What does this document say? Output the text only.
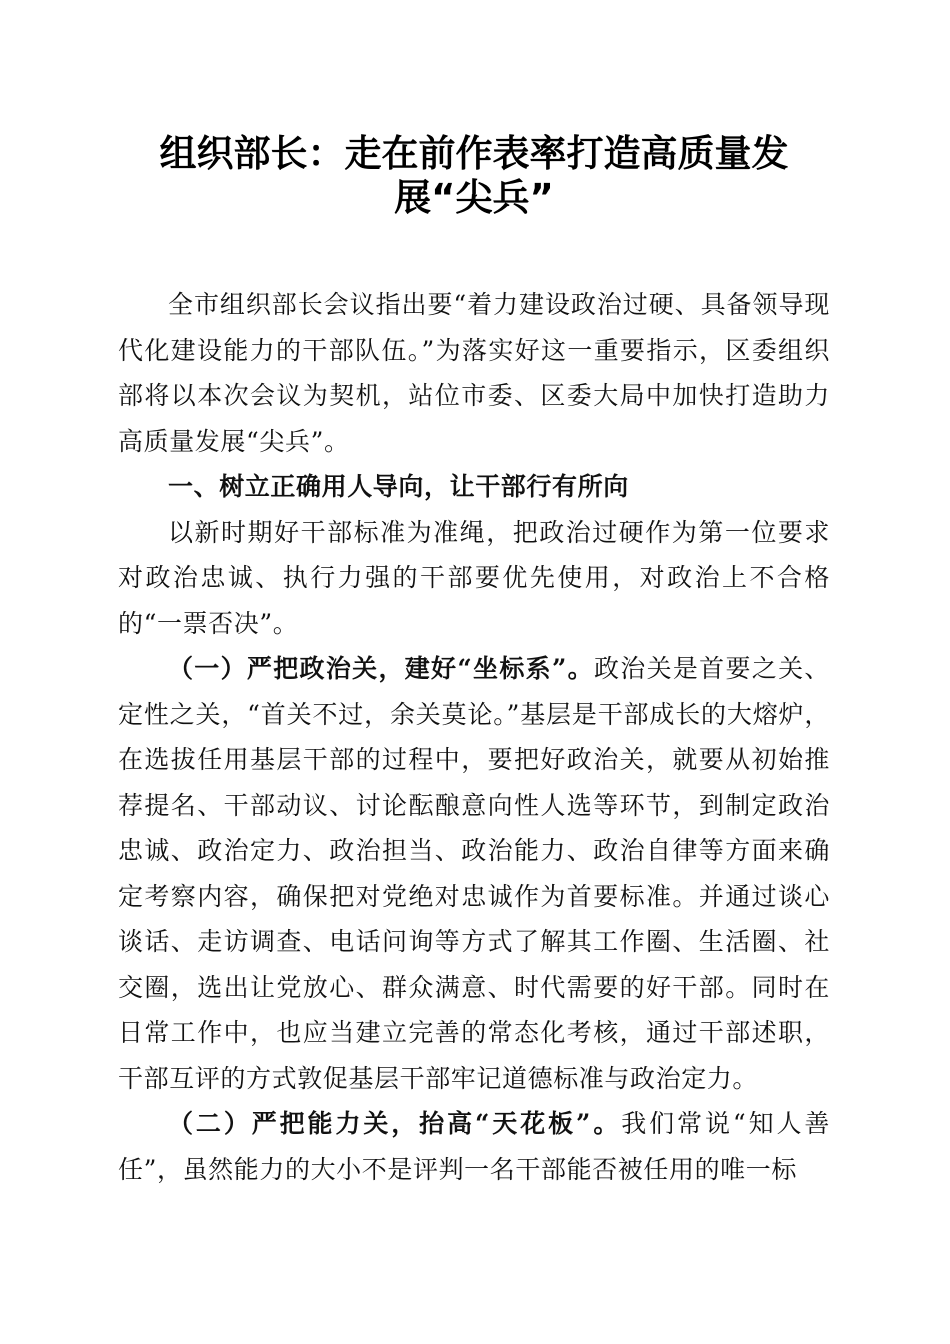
组织部长：走在前作表率打造高质量发展“尖兵”

全市组织部长会议指出要“着力建设政治过硬、具备领导现代化建设能力的干部队伍。”为落实好这一重要指示，区委组织部将以本次会议为契机，站位市委、区委大局中加快打造助力高质量发展“尖兵”。

一、树立正确用人导向，让干部行有所向

以新时期好干部标准为准绳，把政治过硬作为第一位要求对政治忠诚、执行力强的干部要优先使用，对政治上不合格的“一票否决”。

（一）严把政治关，建好“坐标系”。政治关是首要之关、定性之关，“首关不过，余关莫论。”基层是干部成长的大熔炉，在选拔任用基层干部的过程中，要把好政治关，就要从初始推荐提名、干部动议、讨论酝酿意向性人选等环节，到制定政治忠诚、政治定力、政治担当、政治能力、政治自律等方面来确定考察内容，确保把对党绝对忠诚作为首要标准。并通过谈心谈话、走访调查、电话问询等方式了解其工作圈、生活圈、社交圈，选出让党放心、群众满意、时代需要的好干部。同时在日常工作中，也应当建立完善的常态化考核，通过干部述职，干部互评的方式敦促基层干部牢记道德标准与政治定力。

（二）严把能力关，抬高“天花板”。我们常说“知人善任”，虽然能力的大小不是评判一名干部能否被任用的唯一标
